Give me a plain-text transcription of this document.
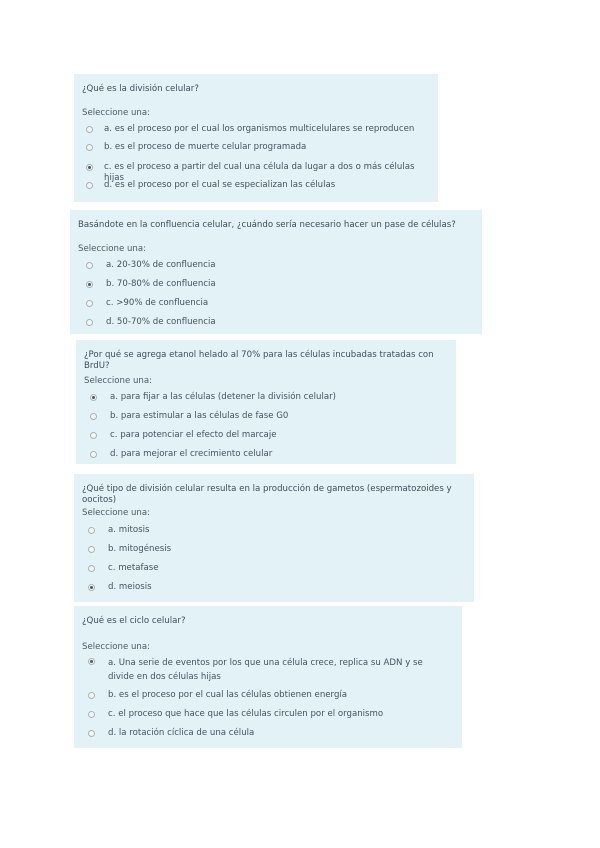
¿Qué es la división celular?
Seleccione una:
a. es el proceso por el cual los organismos multicelulares se reproducen
b. es el proceso de muerte celular programada
c. es el proceso a partir del cual una célula da lugar a dos o más células hijas
d. es el proceso por el cual se especializan las células
Basándote en la confluencia celular, ¿cuándo sería necesario hacer un pase de células?
Seleccione una:
a. 20-30% de confluencia
b. 70-80% de confluencia
c. >90% de confluencia
d. 50-70% de confluencia
¿Por qué se agrega etanol helado al 70% para las células incubadas tratadas con BrdU?
Seleccione una:
a. para fijar a las células (detener la división celular)
b. para estimular a las células de fase G0
c. para potenciar el efecto del marcaje
d. para mejorar el crecimiento celular
¿Qué tipo de división celular resulta en la producción de gametos (espermatozoides y oocitos)
Seleccione una:
a. mitosis
b. mitogénesis
c. metafase
d. meiosis
¿Qué es el ciclo celular?
Seleccione una:
a. Una serie de eventos por los que una célula crece, replica su ADN y se divide en dos células hijas
b. es el proceso por el cual las células obtienen energía
c. el proceso que hace que las células circulen por el organismo
d. la rotación cíclica de una célula
